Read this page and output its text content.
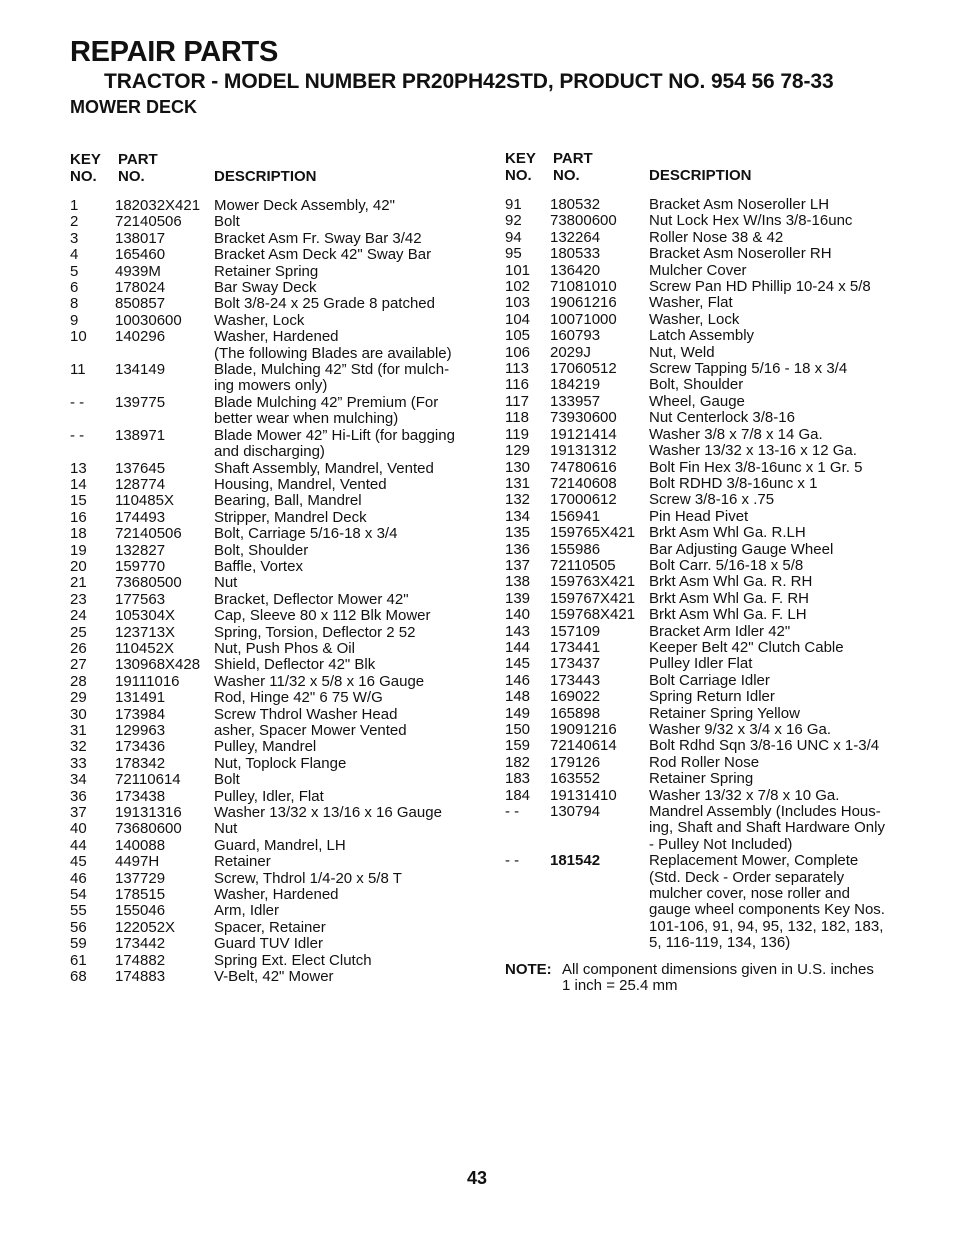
REPAIR PARTS
TRACTOR - MODEL NUMBER PR20PH42STD, PRODUCT NO. 954 56 78-33
MOWER DECK
KEY
NO.
PART
NO.	DESCRIPTION
1	182032X421 Mower Deck Assembly, 42"
2	72140506	Bolt
3	138017	Bracket Asm Fr. Sway Bar 3/42
4	165460	Bracket Asm Deck 42" Sway Bar
5	4939M	Retainer Spring
6	178024	Bar Sway Deck
8	850857	Bolt 3/8-24 x 25 Grade 8 patched
9	10030600	Washer, Lock
10	140296	Washer, Hardened
(The following Blades are available)
11	134149	Blade, Mulching 42” Std (for mulch-
ing mowers only)
- -	139775	Blade Mulching 42” Premium (For
better wear when mulching)
- -	138971	Blade Mower 42” Hi-Lift (for bagging
and discharging)
13	137645	Shaft Assembly, Mandrel, Vented
14	128774	Housing, Mandrel, Vented
15	110485X	Bearing, Ball, Mandrel
16	174493	Stripper, Mandrel Deck
18	72140506	Bolt, Carriage 5/16-18 x 3/4
19	132827	Bolt, Shoulder
20	159770	Baffle, Vortex
21	73680500	Nut
23	177563	Bracket, Deflector Mower 42"
24	105304X	Cap, Sleeve 80 x 112 Blk Mower
25	123713X	Spring, Torsion, Deflector 2 52
26	110452X	Nut, Push Phos & Oil
27	130968X428 Shield, Deflector 42" Blk
28	19111016	Washer 11/32 x 5/8 x 16 Gauge
29	131491	Rod, Hinge 42" 6 75 W/G
30	173984	Screw Thdrol Washer Head
31	129963	asher, Spacer Mower Vented
32	173436	Pulley, Mandrel
33	178342	Nut, Toplock Flange
34	72110614	Bolt
36	173438	Pulley, Idler, Flat
37	19131316	Washer 13/32 x 13/16 x 16 Gauge
40	73680600	Nut
44	140088	Guard, Mandrel, LH
45	4497H	Retainer
46	137729	Screw, Thdrol 1/4-20 x 5/8 T
54	178515	Washer, Hardened
55	155046	Arm, Idler
56	122052X	Spacer, Retainer
59	173442	Guard TUV Idler
61	174882	Spring Ext. Elect Clutch
68	174883	V-Belt, 42" Mower
KEY
NO.
PART
NO.	DESCRIPTION
91	180532	Bracket Asm Noseroller LH
92	73800600	Nut Lock Hex W/Ins 3/8-16unc
94	132264	Roller Nose 38 & 42
95	180533	Bracket Asm Noseroller RH
101	136420	Mulcher Cover
102	71081010	Screw Pan HD Phillip 10-24 x 5/8
103	19061216	Washer, Flat
104	10071000	Washer, Lock
105	160793	Latch Assembly
106	2029J	Nut, Weld
113	17060512	Screw Tapping 5/16 - 18 x 3/4
116	184219	Bolt, Shoulder
117	133957	Wheel, Gauge
118	73930600	Nut Centerlock 3/8-16
119	19121414	Washer 3/8 x 7/8 x 14 Ga.
129	19131312	Washer 13/32 x 13-16 x 12 Ga.
130	74780616	Bolt Fin Hex 3/8-16unc x 1 Gr. 5
131	72140608	Bolt RDHD 3/8-16unc x 1
132	17000612	Screw 3/8-16 x .75
134	156941	Pin Head Pivet
135	159765X421 Brkt Asm Whl Ga. R.LH
136	155986	Bar Adjusting Gauge Wheel
137	72110505	Bolt Carr. 5/16-18 x 5/8
138	159763X421 Brkt Asm Whl Ga. R. RH
139	159767X421 Brkt Asm Whl Ga. F. RH
140	159768X421 Brkt Asm Whl Ga. F. LH
143	157109	Bracket Arm Idler 42"
144	173441	Keeper Belt 42" Clutch Cable
145	173437	Pulley Idler Flat
146	173443	Bolt Carriage Idler
148	169022	Spring Return Idler
149	165898	Retainer Spring Yellow
150	19091216	Washer 9/32 x 3/4 x 16 Ga.
159	72140614	Bolt Rdhd Sqn 3/8-16 UNC x 1-3/4
182	179126	Rod Roller Nose
183	163552	Retainer Spring
184	19131410	Washer 13/32 x 7/8 x 10 Ga.
- -	130794	Mandrel Assembly (Includes Hous-
ing, Shaft and Shaft Hardware Only
- Pulley Not Included)
- -	181542	Replacement Mower, Complete
(Std. Deck - Order separately
mulcher cover, nose roller and
gauge wheel components Key Nos.
101-106, 91, 94, 95, 132, 182, 183,
5, 116-119, 134, 136)
NOTE: All component dimensions given in U.S. inches
1 inch = 25.4 mm
43
